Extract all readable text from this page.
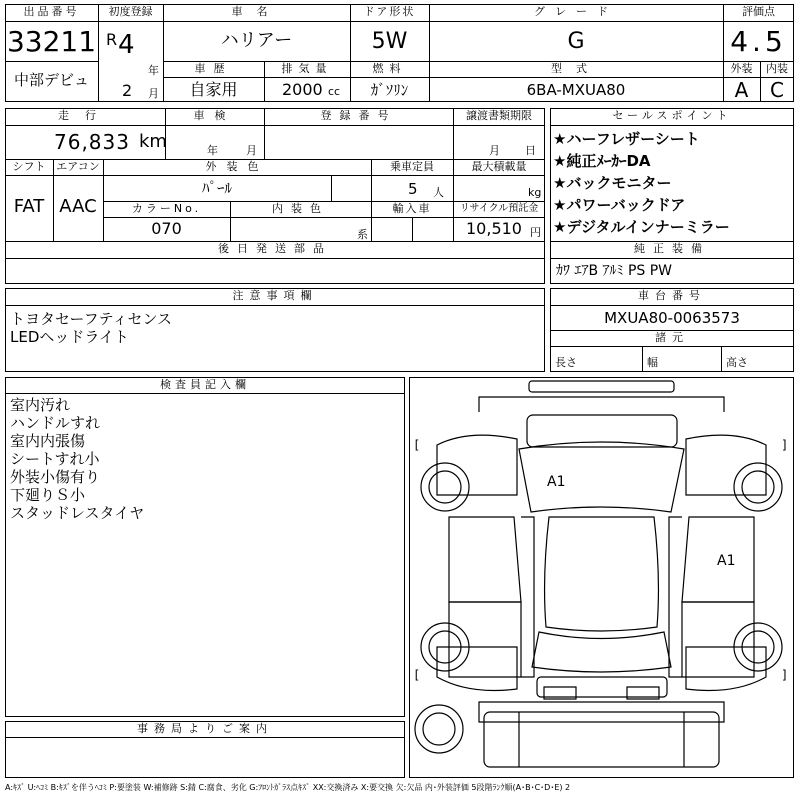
出品番号
33211
中部デビュ
初度登録
R 4
年
2 月
車名
ハリアー
車歴
自家用
排気量
2000 cc
ドア形状
5W
燃料
ｶﾞｿﾘﾝ
グレード
G
型式
6BA-MXUA80
評価点
4.5
外装	内装
A	C
走行
76,833 km
車検
年	月
登録番号	譲渡書類期限
月 日
シフト
FAT
エアコン
AAC
外装色
ﾊﾟｰﾙ
乗車定員
5 人
最大積載量
kg
カラーNo.
070
内装色
系
輸入車	リサイクル預託金
10,510 円
後日発送部品
セールスポイント
★ハーフレザーシート
★純正ﾒｰｶｰDA
★バックモニター
★パワーバックドア
★デジタルインナーミラー
純正装備
ｶﾜ ｴｱB ｱﾙﾐ PS PW
注意事項欄
トヨタセーフティセンス
LEDヘッドライト
車台番号
MXUA80-0063573
諸元
長さ	幅	高さ
検査員記入欄
室内汚れ
ハンドルすれ
室内内張傷
シートすれ小
外装小傷有り
下廻りＳ小
スタッドレスタイヤ
事務局よりご案内
[	]
[	]
A1
A1
A:ｷｽﾞ U:ﾍｺﾐ B:ｷｽﾞを伴うﾍｺﾐ P:要塗装 W:補修跡 S:錆 C:腐食、劣化 G:ﾌﾛﾝﾄｶﾞﾗｽ点ｷｽﾞ XX:交換済み X:要交換 欠:欠品 内･外装評価 5段階ﾗﾝｸ順(A･B･C･D･E) 2
